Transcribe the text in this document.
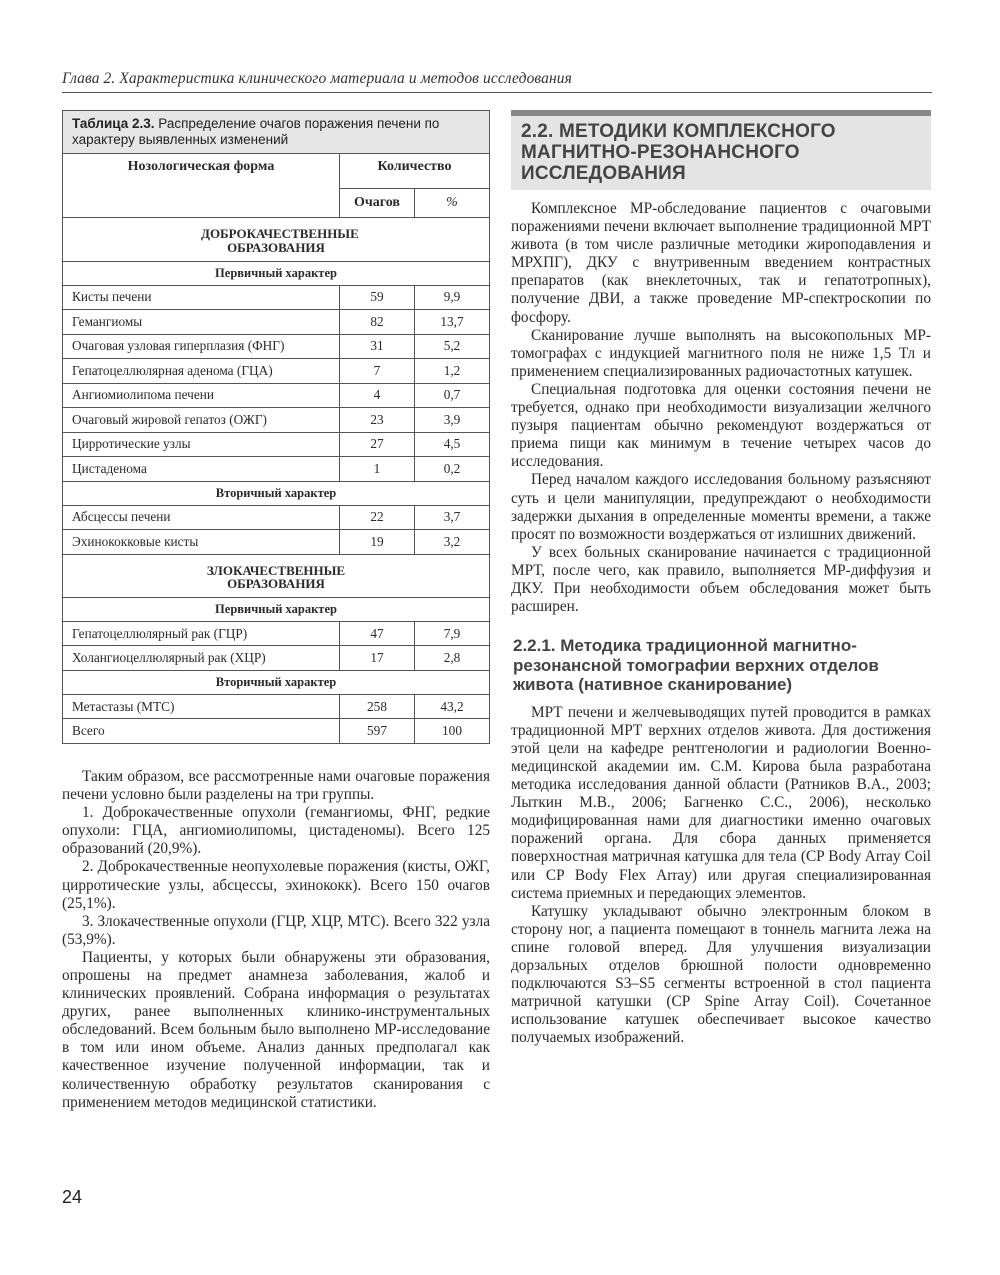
Глава 2. Характеристика клинического материала и методов исследования
Таблица 2.3. Распределение очагов поражения печени по характеру выявленных изменений		
Нозологическая форма	Количество	
	Очагов	%

ДОБРОКАЧЕСТВЕННЫЕ ОБРАЗОВАНИЯ		

Первичный характер		
Кисты печени	59	9,9
Гемангиомы	82	13,7
Очаговая узловая гиперплазия (ФНГ)	31	5,2
Гепатоцеллюлярная аденома (ГЦА)	7	1,2
Ангиомиолипома печени	4	0,7
Очаговый жировой гепатоз (ОЖГ)	23	3,9
Цирротические узлы	27	4,5
Цистаденома	1	0,2
Вторичный характер		
Абсцессы печени	22	3,7
Эхинококковые кисты	19	3,2

ЗЛОКАЧЕСТВЕННЫЕ ОБРАЗОВАНИЯ		

Первичный характер		
Гепатоцеллюлярный рак (ГЦР)	47	7,9
Холангиоцеллюлярный рак (ХЦР)	17	2,8
Вторичный характер		
Метастазы (МТС)	258	43,2
Всего	597	100

Таким образом, все рассмотренные нами очаговые поражения печени условно были разделены на три группы.

1. Доброкачественные опухоли (гемангиомы, ФНГ, редкие опухоли: ГЦА, ангиомиолипомы, цистаденомы). Всего 125 образований (20,9%).

2. Доброкачественные неопухолевые поражения (кисты, ОЖГ, цирротические узлы, абсцессы, эхинококк). Всего 150 очагов (25,1%).

3. Злокачественные опухоли (ГЦР, ХЦР, МТС). Всего 322 узла (53,9%).

Пациенты, у которых были обнаружены эти образования, опрошены на предмет анамнеза заболевания, жалоб и клинических проявлений. Собрана информация о результатах других, ранее выполненных клинико-инструментальных обследований. Всем больным было выполнено МР-исследование в том или ином объеме. Анализ данных предполагал как качественное изучение полученной информации, так и количественную обработку результатов сканирования с применением методов медицинской статистики.

2.2. МЕТОДИКИ КОМПЛЕКСНОГО МАГНИТНО-РЕЗОНАНСНОГО ИССЛЕДОВАНИЯ

Комплексное МР-обследование пациентов с очаговыми поражениями печени включает выполнение традиционной МРТ живота (в том числе различные методики жироподавления и МРХПГ), ДКУ с внутривенным введением контрастных препаратов (как внеклеточных, так и гепатотропных), получение ДВИ, а также проведение МР-спектроскопии по фосфору.

Сканирование лучше выполнять на высокопольных МР-томографах с индукцией магнитного поля не ниже 1,5 Тл и применением специализированных радиочастотных катушек.

Специальная подготовка для оценки состояния печени не требуется, однако при необходимости визуализации желчного пузыря пациентам обычно рекомендуют воздержаться от приема пищи как минимум в течение четырех часов до исследования.

Перед началом каждого исследования больному разъясняют суть и цели манипуляции, предупреждают о необходимости задержки дыхания в определенные моменты времени, а также просят по возможности воздержаться от излишних движений.

У всех больных сканирование начинается с традиционной МРТ, после чего, как правило, выполняется МР-диффузия и ДКУ. При необходимости объем обследования может быть расширен.

2.2.1. Методика традиционной магнитно-резонансной томографии верхних отделов живота (нативное сканирование)

МРТ печени и желчевыводящих путей проводится в рамках традиционной МРТ верхних отделов живота. Для достижения этой цели на кафедре рентгенологии и радиологии Военно-медицинской академии им. С.М. Кирова была разработана методика исследования данной области (Ратников В.А., 2003; Лыткин М.В., 2006; Багненко С.С., 2006), несколько модифицированная нами для диагностики именно очаговых поражений органа. Для сбора данных применяется поверхностная матричная катушка для тела (CP Body Array Coil или CP Body Flex Array) или другая специализированная система приемных и передающих элементов.

Катушку укладывают обычно электронным блоком в сторону ног, а пациента помещают в тоннель магнита лежа на спине головой вперед. Для улучшения визуализации дорзальных отделов брюшной полости одновременно подключаются S3–S5 сегменты встроенной в стол пациента матричной катушки (CP Spine Array Coil). Сочетанное использование катушек обеспечивает высокое качество получаемых изображений.

24
